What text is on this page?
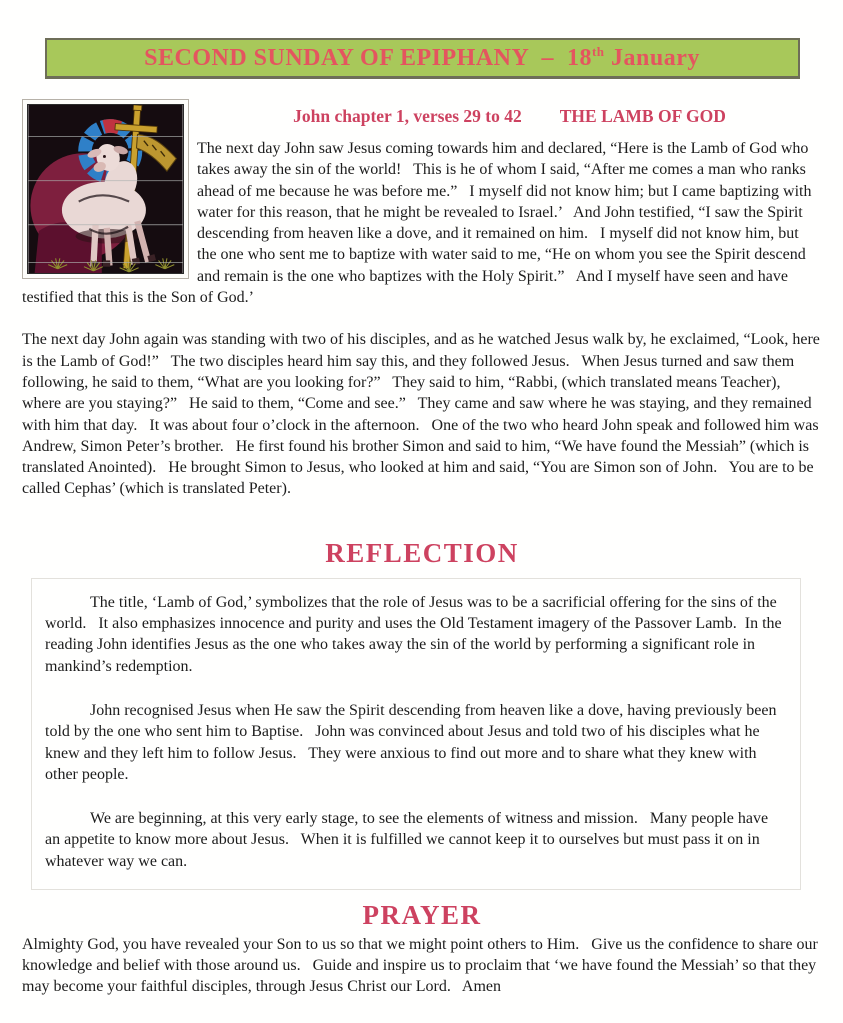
SECOND SUNDAY OF EPIPHANY  –  18th January
John chapter 1, verses 29 to 42 THE LAMB OF GOD

The next day John saw Jesus coming towards him and declared, “Here is the Lamb of God who takes away the sin of the world!   This is he of whom I said, “After me comes a man who ranks ahead of me because he was before me.”   I myself did not know him; but I came baptizing with water for this reason, that he might be revealed to Israel.’   And John testified, “I saw the Spirit descending from heaven like a dove, and it remained on him.   I myself did not know him, but the one who sent me to baptize with water said to me, “He on whom you see the Spirit descend and remain is the one who baptizes with the Holy Spirit.”   And I myself have seen and have testified that this is the Son of God.’

The next day John again was standing with two of his disciples, and as he watched Jesus walk by, he exclaimed, “Look, here is the Lamb of God!”   The two disciples heard him say this, and they followed Jesus.   When Jesus turned and saw them following, he said to them, “What are you looking for?”   They said to him, “Rabbi, (which translated means Teacher), where are you staying?”   He said to them, “Come and see.”   They came and saw where he was staying, and they remained with him that day.   It was about four o’clock in the afternoon.   One of the two who heard John speak and followed him was Andrew, Simon Peter’s brother.   He first found his brother Simon and said to him, “We have found the Messiah” (which is translated Anointed).   He brought Simon to Jesus, who looked at him and said, “You are Simon son of John.   You are to be called Cephas’ (which is translated Peter).

REFLECTION

The title, ‘Lamb of God,’ symbolizes that the role of Jesus was to be a sacrificial offering for the sins of the world.   It also emphasizes innocence and purity and uses the Old Testament imagery of the Passover Lamb.  In the reading John identifies Jesus as the one who takes away the sin of the world by performing a significant role in mankind’s redemption.

John recognised Jesus when He saw the Spirit descending from heaven like a dove, having previously been told by the one who sent him to Baptise.   John was convinced about Jesus and told two of his disciples what he knew and they left him to follow Jesus.   They were anxious to find out more and to share what they knew with other people.

We are beginning, at this very early stage, to see the elements of witness and mission.   Many people have an appetite to know more about Jesus.   When it is fulfilled we cannot keep it to ourselves but must pass it on in whatever way we can.

PRAYER

Almighty God, you have revealed your Son to us so that we might point others to Him.   Give us the confidence to share our knowledge and belief with those around us.   Guide and inspire us to proclaim that ‘we have found the Messiah’ so that they may become your faithful disciples, through Jesus Christ our Lord.   Amen
